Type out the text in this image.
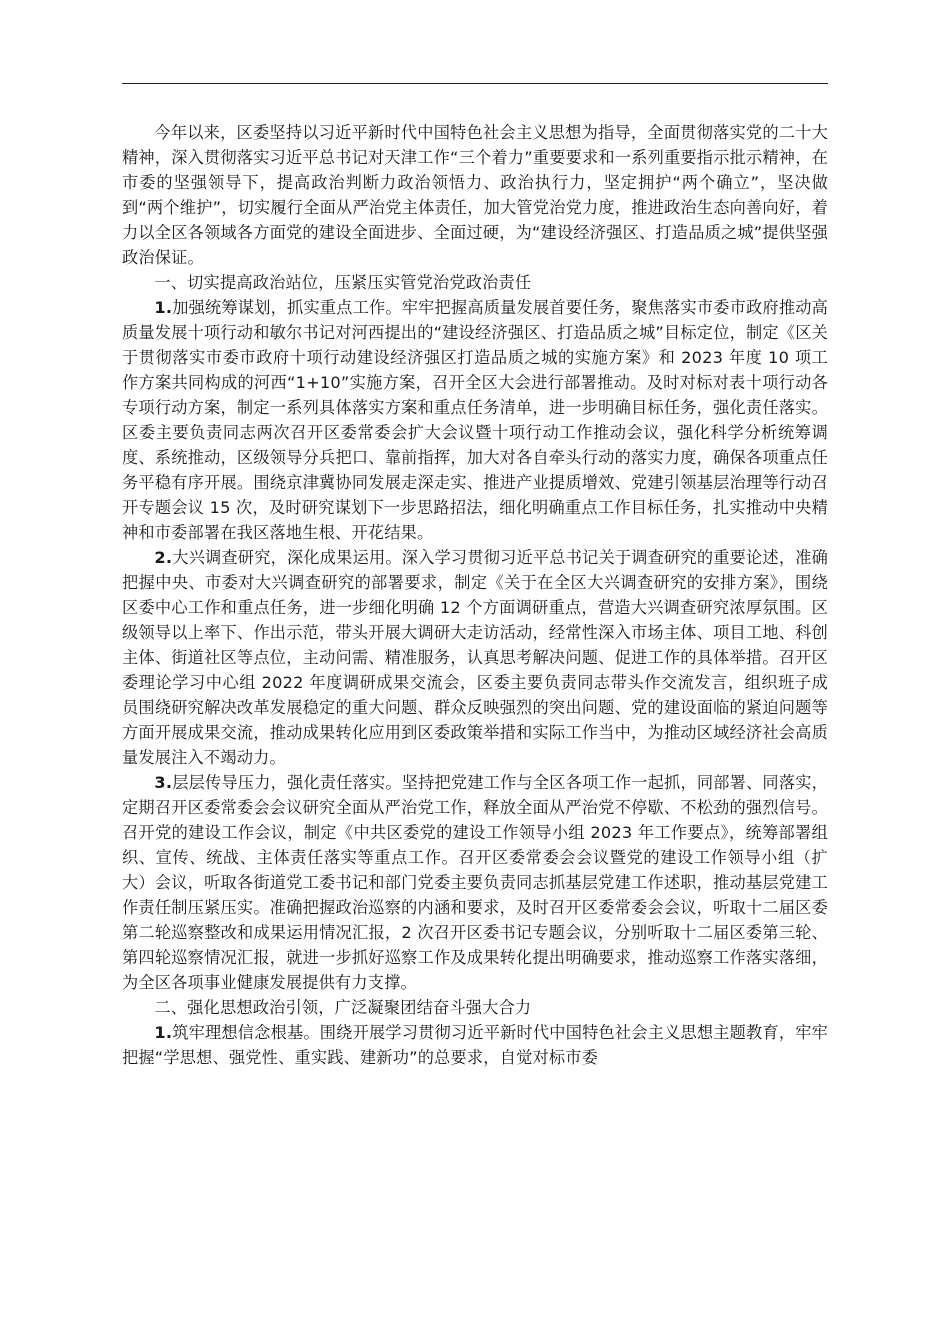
今年以来，区委坚持以习近平新时代中国特色社会主义思想为指导，全面贯彻落实党的二十大精神，深入贯彻落实习近平总书记对天津工作“三个着力”重要要求和一系列重要指示批示精神，在市委的坚强领导下，提高政治判断力政治领悟力、政治执行力，坚定拥护“两个确立”，坚决做到“两个维护”，切实履行全面从严治党主体责任，加大管党治党力度，推进政治生态向善向好，着力以全区各领域各方面党的建设全面进步、全面过硬，为“建设经济强区、打造品质之城”提供坚强政治保证。

一、切实提高政治站位，压紧压实管党治党政治责任

1.加强统筹谋划，抓实重点工作。牢牢把握高质量发展首要任务，聚焦落实市委市政府推动高质量发展十项行动和敏尔书记对河西提出的“建设经济强区、打造品质之城”目标定位，制定《区关于贯彻落实市委市政府十项行动建设经济强区打造品质之城的实施方案》和 2023 年度 10 项工作方案共同构成的河西“1+10”实施方案，召开全区大会进行部署推动。及时对标对表十项行动各专项行动方案，制定一系列具体落实方案和重点任务清单，进一步明确目标任务，强化责任落实。区委主要负责同志两次召开区委常委会扩大会议暨十项行动工作推动会议，强化科学分析统筹调度、系统推动，区级领导分兵把口、靠前指挥，加大对各自牵头行动的落实力度，确保各项重点任务平稳有序开展。围绕京津冀协同发展走深走实、推进产业提质增效、党建引领基层治理等行动召开专题会议 15 次，及时研究谋划下一步思路招法，细化明确重点工作目标任务，扎实推动中央精神和市委部署在我区落地生根、开花结果。

2.大兴调查研究，深化成果运用。深入学习贯彻习近平总书记关于调查研究的重要论述，准确把握中央、市委对大兴调查研究的部署要求，制定《关于在全区大兴调查研究的安排方案》，围绕区委中心工作和重点任务，进一步细化明确 12 个方面调研重点，营造大兴调查研究浓厚氛围。区级领导以上率下、作出示范，带头开展大调研大走访活动，经常性深入市场主体、项目工地、科创主体、街道社区等点位，主动问需、精准服务，认真思考解决问题、促进工作的具体举措。召开区委理论学习中心组 2022 年度调研成果交流会，区委主要负责同志带头作交流发言，组织班子成员围绕研究解决改革发展稳定的重大问题、群众反映强烈的突出问题、党的建设面临的紧迫问题等方面开展成果交流，推动成果转化应用到区委政策举措和实际工作当中，为推动区域经济社会高质量发展注入不竭动力。

3.层层传导压力，强化责任落实。坚持把党建工作与全区各项工作一起抓，同部署、同落实，定期召开区委常委会会议研究全面从严治党工作，释放全面从严治党不停歇、不松劲的强烈信号。召开党的建设工作会议，制定《中共区委党的建设工作领导小组 2023 年工作要点》，统筹部署组织、宣传、统战、主体责任落实等重点工作。召开区委常委会会议暨党的建设工作领导小组（扩大）会议，听取各街道党工委书记和部门党委主要负责同志抓基层党建工作述职，推动基层党建工作责任制压紧压实。准确把握政治巡察的内涵和要求，及时召开区委常委会会议，听取十二届区委第二轮巡察整改和成果运用情况汇报，2 次召开区委书记专题会议，分别听取十二届区委第三轮、第四轮巡察情况汇报，就进一步抓好巡察工作及成果转化提出明确要求，推动巡察工作落实落细，为全区各项事业健康发展提供有力支撑。

二、强化思想政治引领，广泛凝聚团结奋斗强大合力

1.筑牢理想信念根基。围绕开展学习贯彻习近平新时代中国特色社会主义思想主题教育，牢牢把握“学思想、强党性、重实践、建新功”的总要求，自觉对标市委
